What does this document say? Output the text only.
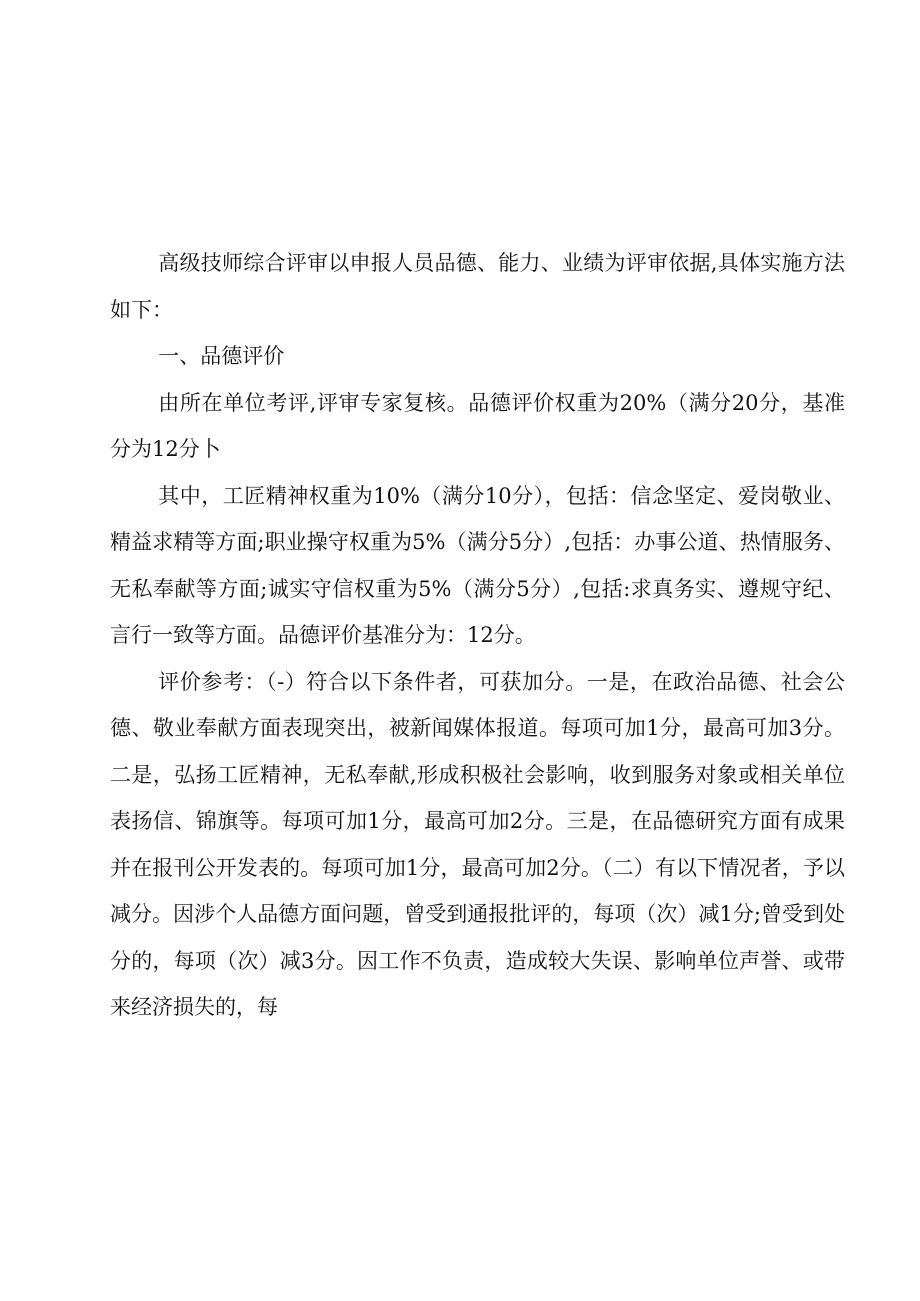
高级技师综合评审以申报人员品德、能力、业绩为评审依据,具体实施方法如下：

一、品德评价

由所在单位考评,评审专家复核。品德评价权重为20%（满分20分，基准分为12分卜

其中，工匠精神权重为10%（满分10分），包括：信念坚定、爱岗敬业、精益求精等方面;职业操守权重为5%（满分5分）,包括：办事公道、热情服务、无私奉献等方面;诚实守信权重为5%（满分5分）,包括:求真务实、遵规守纪、言行一致等方面。品德评价基准分为：12分。

评价参考：（-）符合以下条件者，可获加分。一是，在政治品德、社会公德、敬业奉献方面表现突出，被新闻媒体报道。每项可加1分，最高可加3分。二是，弘扬工匠精神，无私奉献,形成积极社会影响，收到服务对象或相关单位表扬信、锦旗等。每项可加1分，最高可加2分。三是，在品德研究方面有成果并在报刊公开发表的。每项可加1分，最高可加2分。（二）有以下情况者，予以减分。因涉个人品德方面问题，曾受到通报批评的，每项（次）减1分;曾受到处分的，每项（次）减3分。因工作不负责，造成较大失误、影响单位声誉、或带来经济损失的，每
